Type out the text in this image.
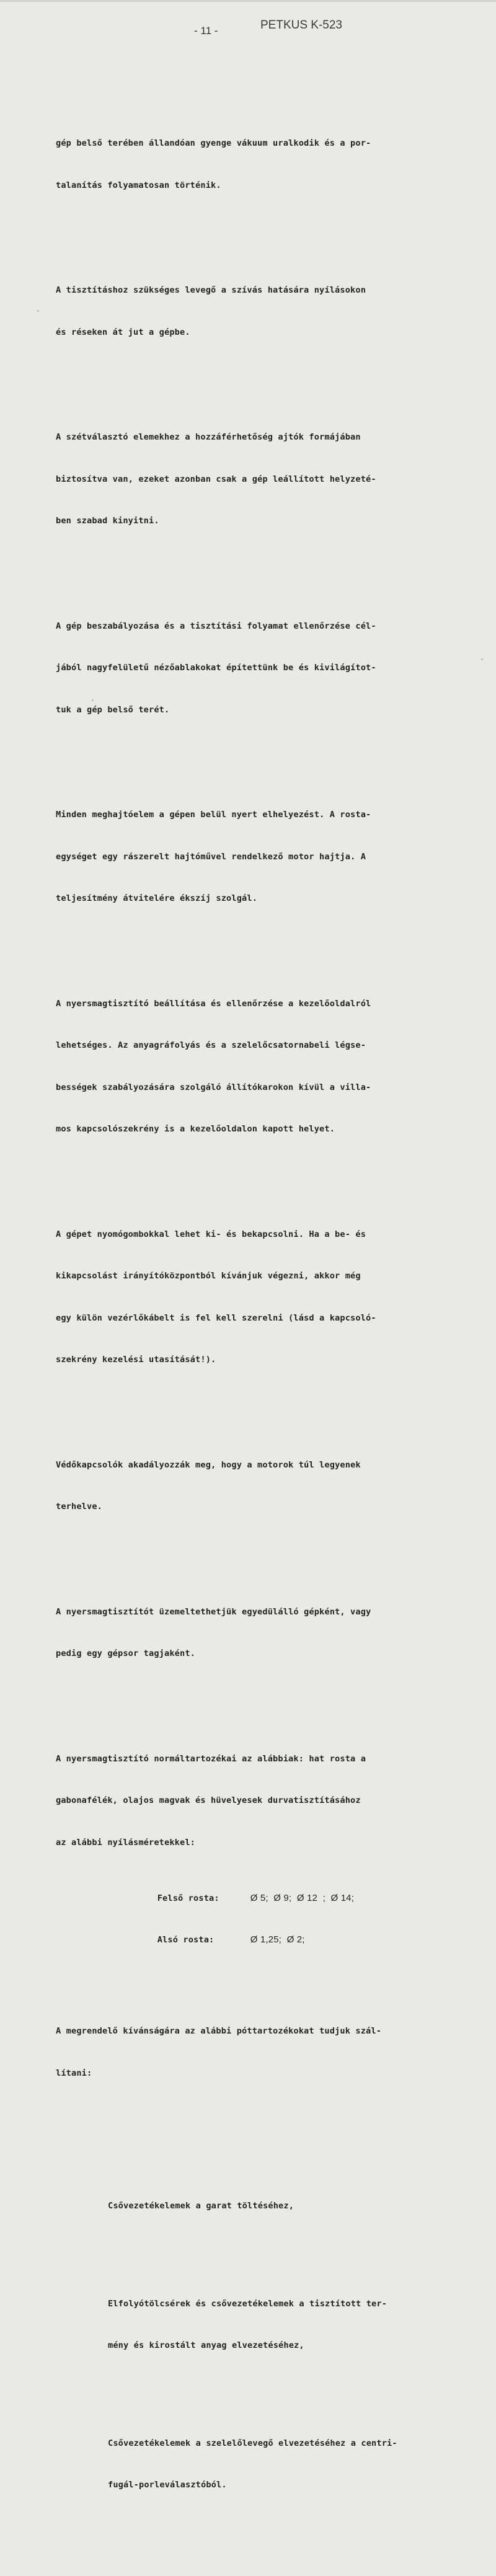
- 11 -	PETKUS K-523

gép belső terében állandóan gyenge vákuum uralkodik és a por-

talanítás folyamatosan történik.

A tisztításhoz szükséges levegő a szívás hatására nyílásokon

és réseken át jut a gépbe.

A szétválasztó elemekhez a hozzáférhetőség ajtók formájában

biztosítva van, ezeket azonban csak a gép leállított helyzeté-

ben szabad kinyitni.

A gép beszabályozása és a tisztítási folyamat ellenőrzése cél-

jából nagyfelületű nézőablakokat építettünk be és kivilágítot-

tuk a gép belső terét.

Minden meghajtóelem a gépen belül nyert elhelyezést. A rosta-

egységet egy rászerelt hajtóművel rendelkező motor hajtja. A

teljesítmény átvitelére ékszíj szolgál.

A nyersmagtisztító beállítása és ellenőrzése a kezelőoldalról

lehetséges. Az anyagráfolyás és a szelelőcsatornabeli légse-

bességek szabályozására szolgáló állítókarokon kívül a villa-

mos kapcsolószekrény is a kezelőoldalon kapott helyet.

A gépet nyomógombokkal lehet ki- és bekapcsolni. Ha a be- és

kikapcsolást irányítóközpontból kívánjuk végezni, akkor még

egy külön vezérlőkábelt is fel kell szerelni (lásd a kapcsoló-

szekrény kezelési utasítását!).

Védőkapcsolók akadályozzák meg, hogy a motorok túl legyenek

terhelve.

A nyersmagtisztítót üzemeltethetjük egyedülálló gépként, vagy

pedig egy gépsor tagjaként.

A nyersmagtisztító normáltartozékai az alábbiak: hat rosta a

gabonafélék, olajos magvak és hüvelyesek durvatisztításához

az alábbi nyílásméretekkel:

Felső rosta:	Ø 5;  Ø 9;  Ø 12  ;  Ø 14;

Alsó rosta:	Ø 1,25;  Ø 2;

A megrendelő kívánságára az alábbi póttartozékokat tudjuk szál-

lítani:

Csővezetékelemek a garat töltéséhez,

Elfolyótölcsérek és csővezetékelemek a tisztított ter-

mény és kirostált anyag elvezetéséhez,

Csővezetékelemek a szelelőlevegő elvezetéséhez a centri-

fugál-porleválasztóból.
